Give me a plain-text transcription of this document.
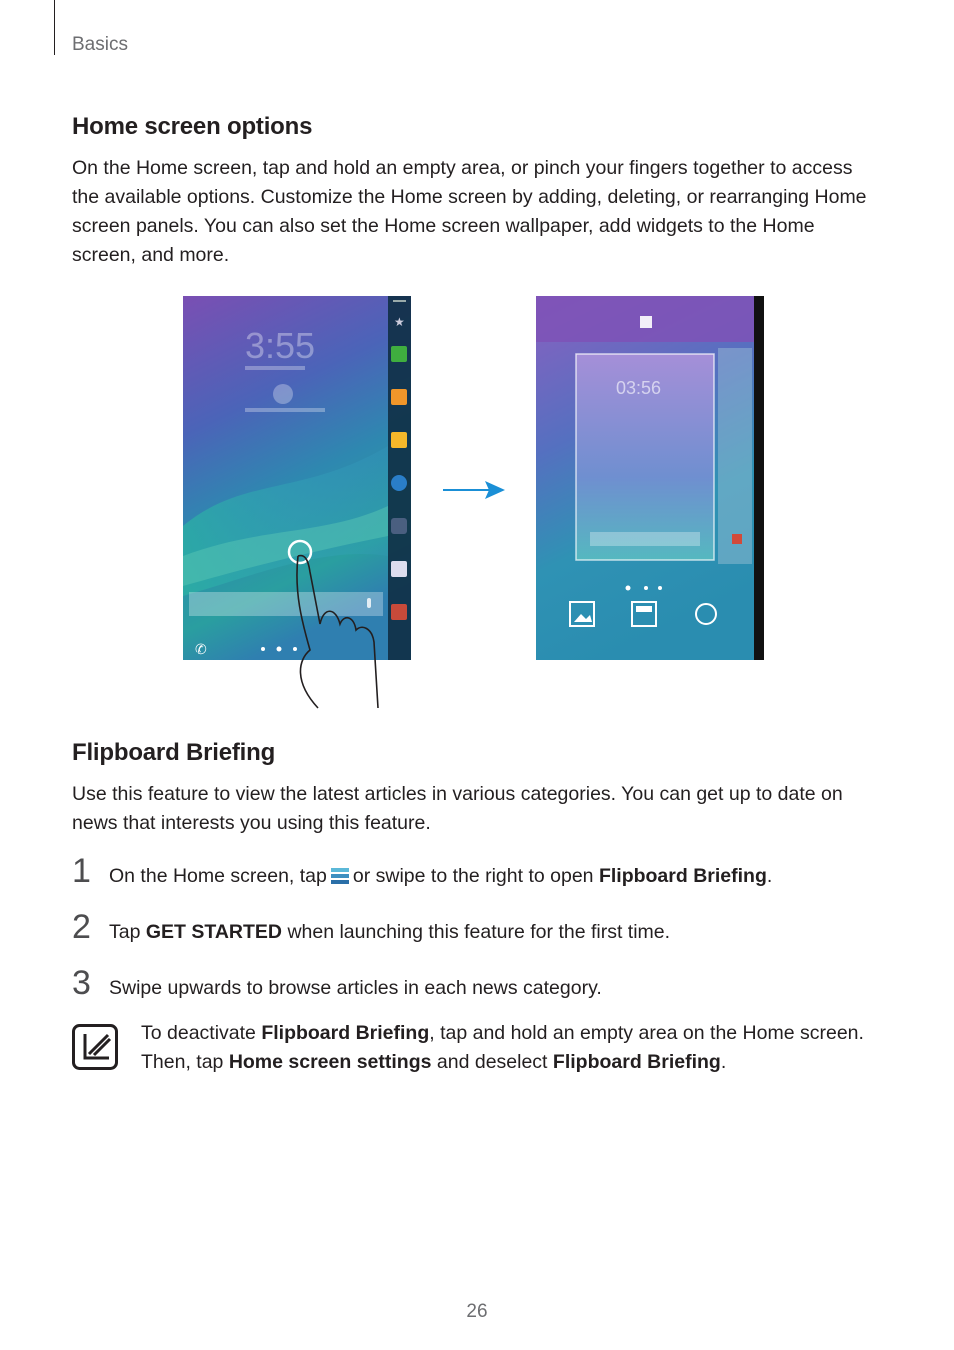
Basics
Home screen options

On the Home screen, tap and hold an empty area, or pinch your fingers together to access the available options. Customize the Home screen by adding, deleting, or rearranging Home screen panels. You can also set the Home screen wallpaper, add widgets to the Home screen, and more.

3:55
★
✆
03:56
Flipboard Briefing

Use this feature to view the latest articles in various categories. You can get up to date on news that interests you using this feature.

1 On the Home screen, tap or swipe to the right to open Flipboard Briefing.
2 Tap GET STARTED when launching this feature for the first time.
3 Swipe upwards to browse articles in each news category.

To deactivate Flipboard Briefing, tap and hold an empty area on the Home screen.
Then, tap Home screen settings and deselect Flipboard Briefing.

26
